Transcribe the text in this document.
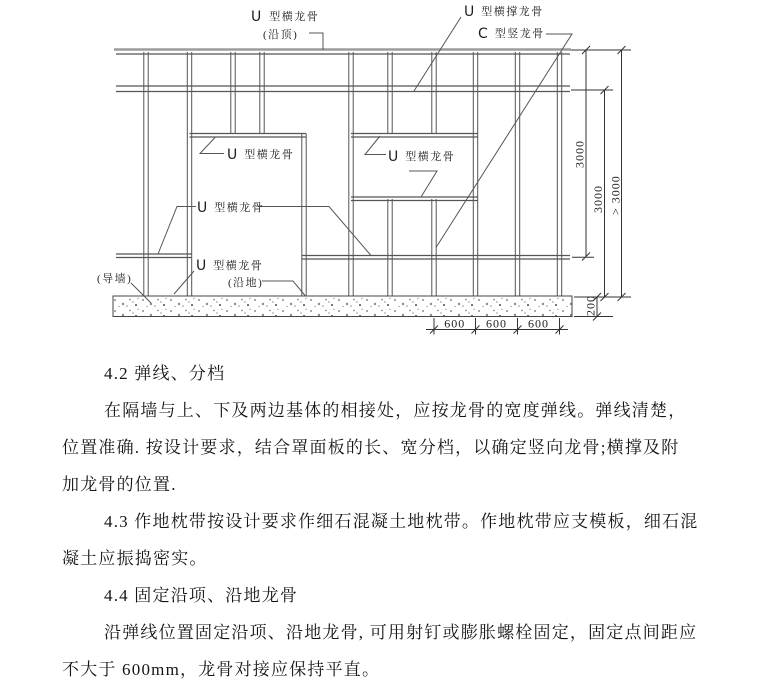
U 型横龙骨
(沿顶)
U 型横撑龙骨
C 型竖龙骨
U 型横龙骨	U 型横龙骨
U 型横龙骨
U 型横龙骨
(沿地)
(导墙)
3000
3000 > 3000
200
600 600 600
4.2 弹线、分档
在隔墙与上、下及两边基体的相接处，应按龙骨的宽度弹线。弹线清楚，
位置准确. 按设计要求，结合罩面板的长、宽分档，以确定竖向龙骨;横撑及附
加龙骨的位置.
4.3 作地枕带按设计要求作细石混凝土地枕带。作地枕带应支模板，细石混
凝土应振捣密实。
4.4 固定沿项、沿地龙骨
沿弹线位置固定沿项、沿地龙骨, 可用射钉或膨胀螺栓固定，固定点间距应
不大于 600mm，龙骨对接应保持平直。
